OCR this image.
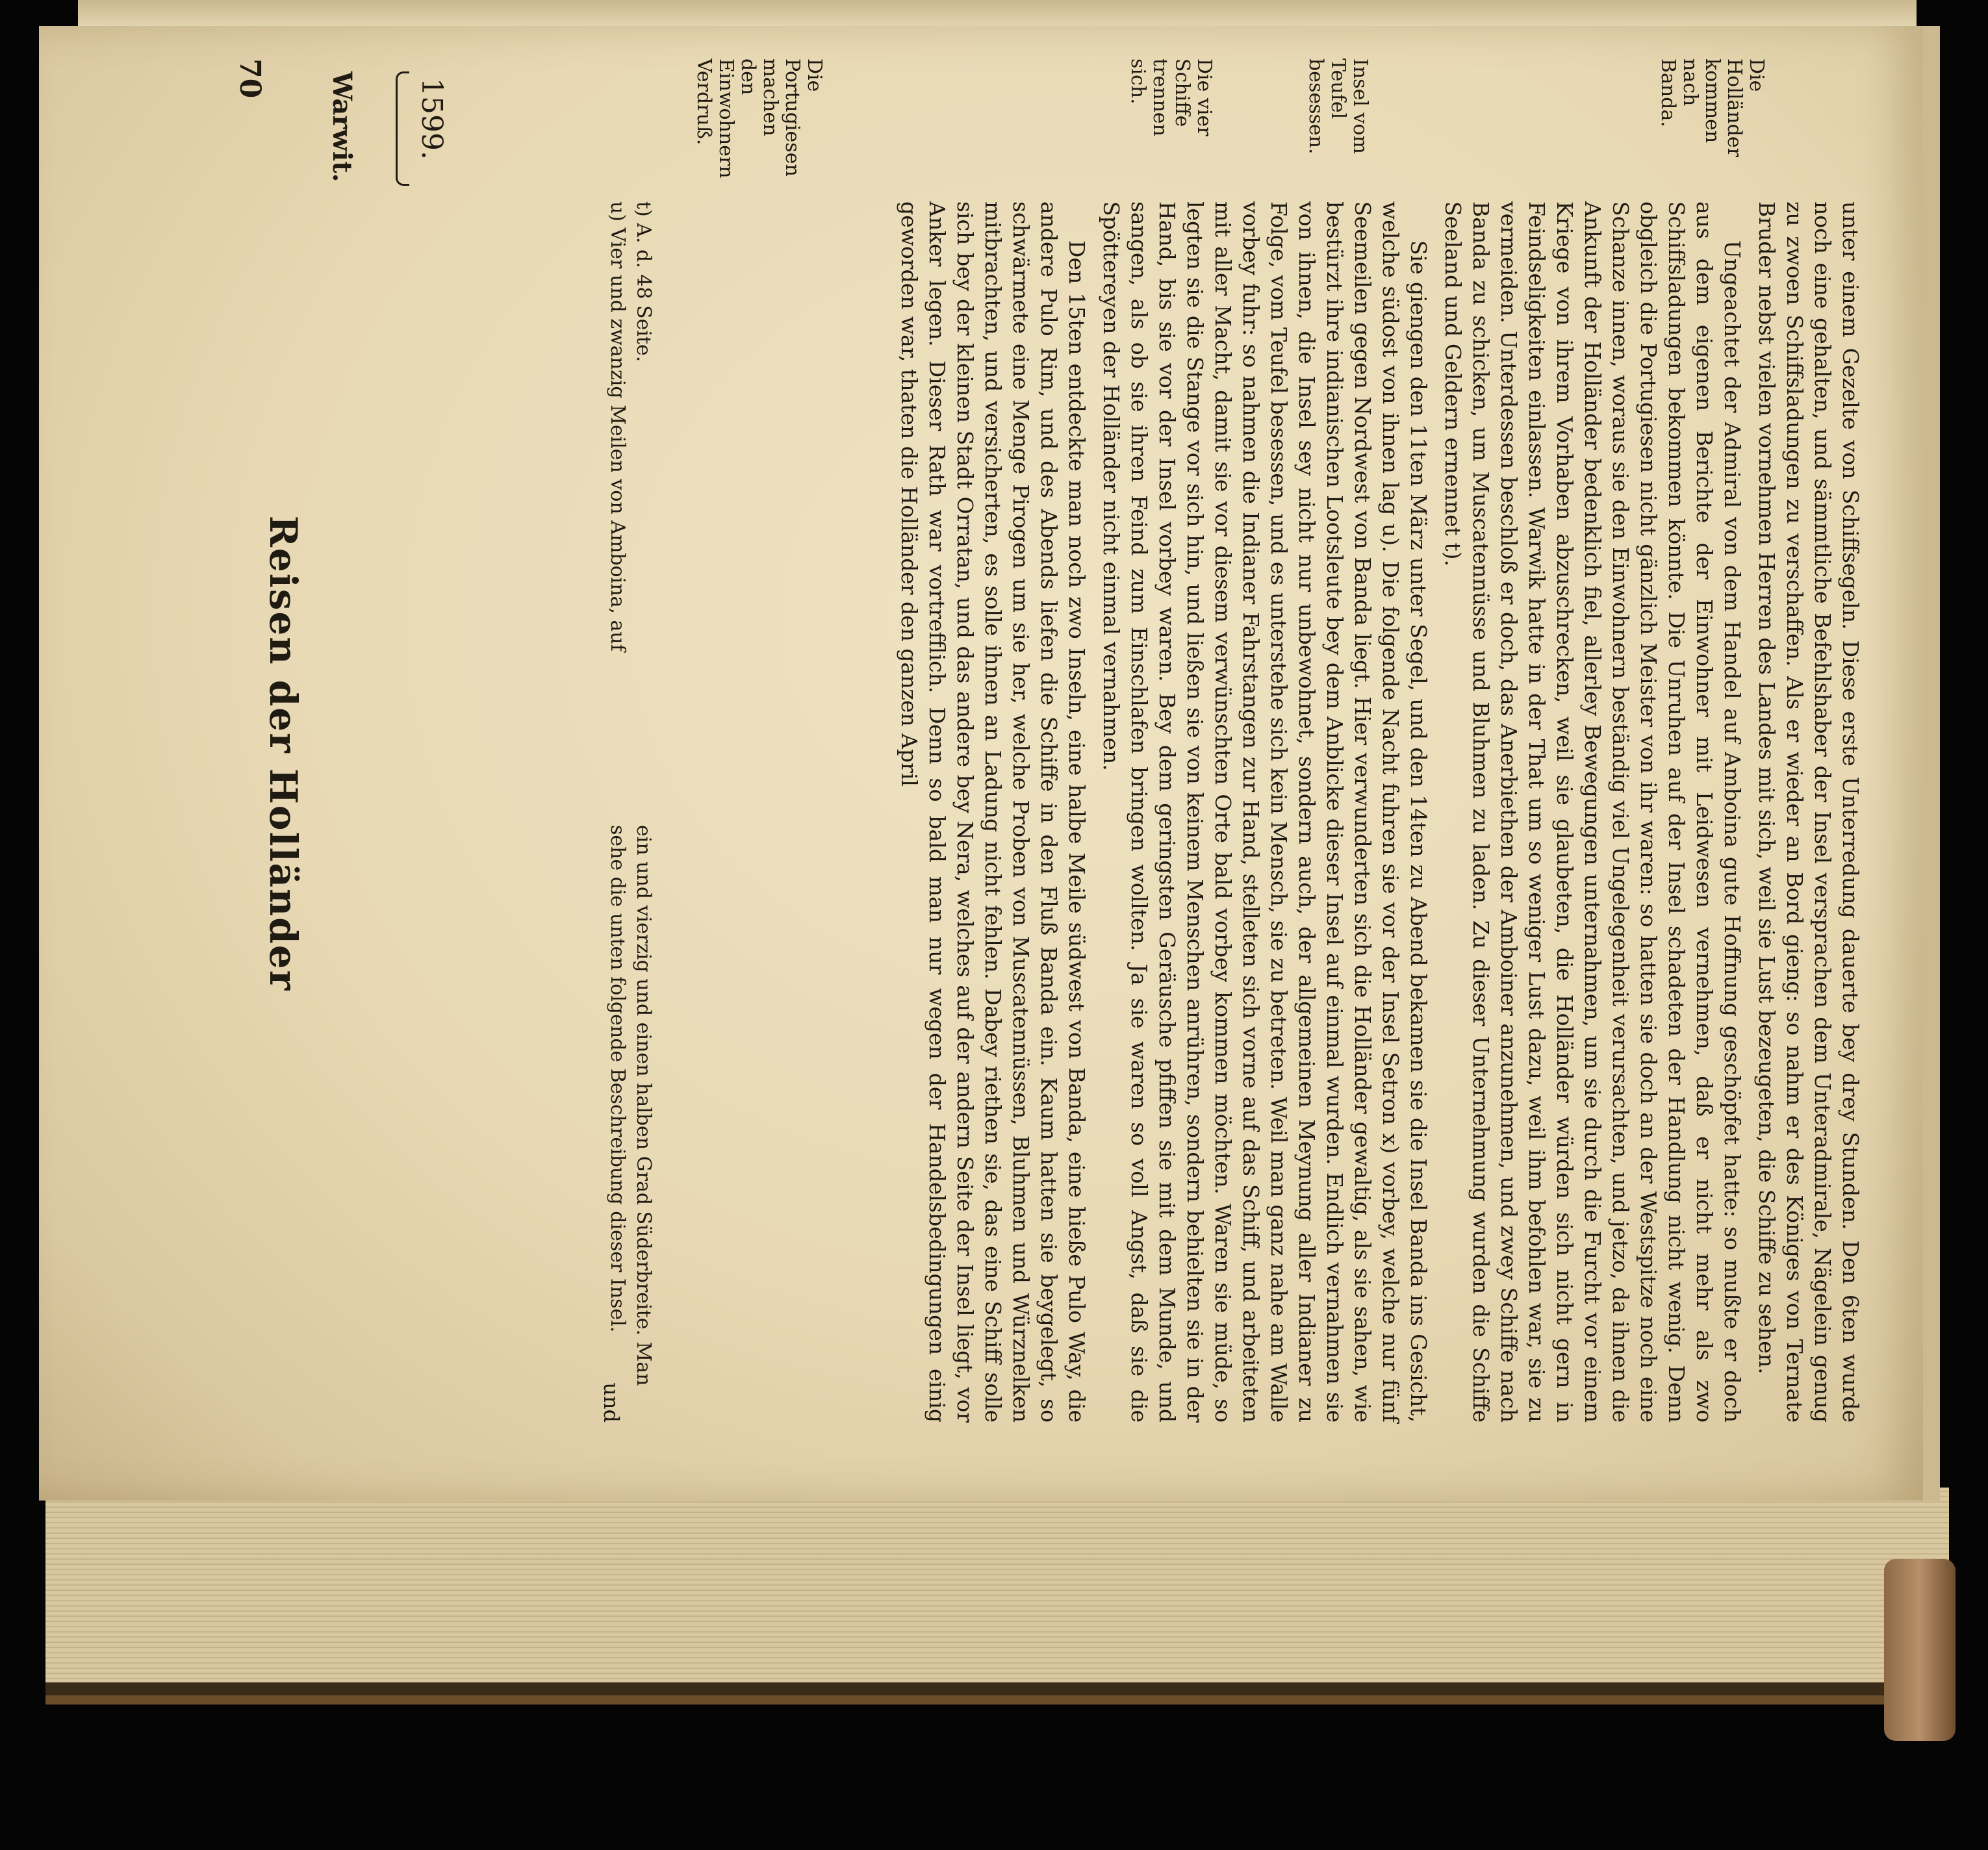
Warwit. 1599.
70
Reisen der Holländer
Die Portugiesen machen den Einwohnern Verdruß.	Die vier Schiffe trennen sich.	Insel vom Teufel besessen.	Die Holländer kommen nach Banda.

unter einem Gezelte von Schiffsegeln. Diese erste Unterredung dauerte bey drey Stunden. Den 6ten wurde noch eine gehalten, und sämmtliche Befehlshaber der Insel versprachen dem Unteradmirale, Nägelein genug zu zwoen Schiffsladungen zu verschaffen. Als er wieder an Bord gieng: so nahm er des Königes von Ternate Bruder nebst vielen vornehmen Herren des Landes mit sich, weil sie Lust bezeugeten, die Schiffe zu sehen.

Ungeachtet der Admiral von dem Handel auf Amboina gute Hoffnung geschöpfet hatte: so mußte er doch aus dem eigenen Berichte der Einwohner mit Leidwesen vernehmen, daß er nicht mehr als zwo Schiffsladungen bekommen könnte. Die Unruhen auf der Insel schadeten der Handlung nicht wenig. Denn obgleich die Portugiesen nicht gänzlich Meister von ihr waren: so hatten sie doch an der Westspitze noch eine Schanze innen, woraus sie den Einwohnern beständig viel Ungelegenheit verursachten, und jetzo, da ihnen die Ankunft der Holländer bedenklich fiel, allerley Bewegungen unternahmen, um sie durch die Furcht vor einem Kriege von ihrem Vorhaben abzuschrecken, weil sie glaubeten, die Holländer würden sich nicht gern in Feindseligkeiten einlassen. Warwik hatte in der That um so weniger Lust dazu, weil ihm befohlen war, sie zu vermeiden. Unterdessen beschloß er doch, das Anerbiethen der Amboiner anzunehmen, und zwey Schiffe nach Banda zu schicken, um Muscatennüsse und Bluhmen zu laden. Zu dieser Unternehmung wurden die Schiffe Seeland und Geldern ernennet t).

Sie giengen den 11ten März unter Segel, und den 14ten zu Abend bekamen sie die Insel Banda ins Gesicht, welche südost von ihnen lag u). Die folgende Nacht fuhren sie vor der Insel Setron x) vorbey, welche nur fünf Seemeilen gegen Nordwest von Banda liegt. Hier verwunderten sich die Holländer gewaltig, als sie sahen, wie bestürzt ihre indianischen Lootsleute bey dem Anblicke dieser Insel auf einmal wurden. Endlich vernahmen sie von ihnen, die Insel sey nicht nur unbewohnet, sondern auch, der allgemeinen Meynung aller Indianer zu Folge, vom Teufel besessen, und es unterstehe sich kein Mensch, sie zu betreten. Weil man ganz nahe am Walle vorbey fuhr: so nahmen die Indianer Fahrstangen zur Hand, stelleten sich vorne auf das Schiff, und arbeiteten mit aller Macht, damit sie vor diesem verwünschten Orte bald vorbey kommen möchten. Waren sie müde, so legten sie die Stange vor sich hin, und ließen sie von keinem Menschen anrühren, sondern behielten sie in der Hand, bis sie vor der Insel vorbey waren. Bey dem geringsten Geräusche pfiffen sie mit dem Munde, und sangen, als ob sie ihren Feind zum Einschlafen bringen wollten. Ja sie waren so voll Angst, daß sie die Spöttereyen der Holländer nicht einmal vernahmen.

Den 15ten entdeckte man noch zwo Inseln, eine halbe Meile südwest von Banda, eine hieße Pulo Way, die andere Pulo Rim, und des Abends liefen die Schiffe in den Fluß Banda ein. Kaum hatten sie beygelegt, so schwärmete eine Menge Pirogen um sie her, welche Proben von Muscatennüssen, Bluhmen und Würznelken mitbrachten, und versicherten, es solle ihnen an Ladung nicht fehlen. Dabey riethen sie, das eine Schiff solle sich bey der kleinen Stadt Orratan, und das andere bey Nera, welches auf der andern Seite der Insel liegt, vor Anker legen. Dieser Rath war vortrefflich. Denn so bald man nur wegen der Handelsbedingungen einig geworden war, thaten die Holländer den ganzen April

t) A. d. 48 Seite.
u) Vier und zwanzig Meilen von Amboina, auf
ein und vierzig und einen halben Grad Süderbreite. Man sehe die unten folgende Beschreibung dieser Insel.
und
